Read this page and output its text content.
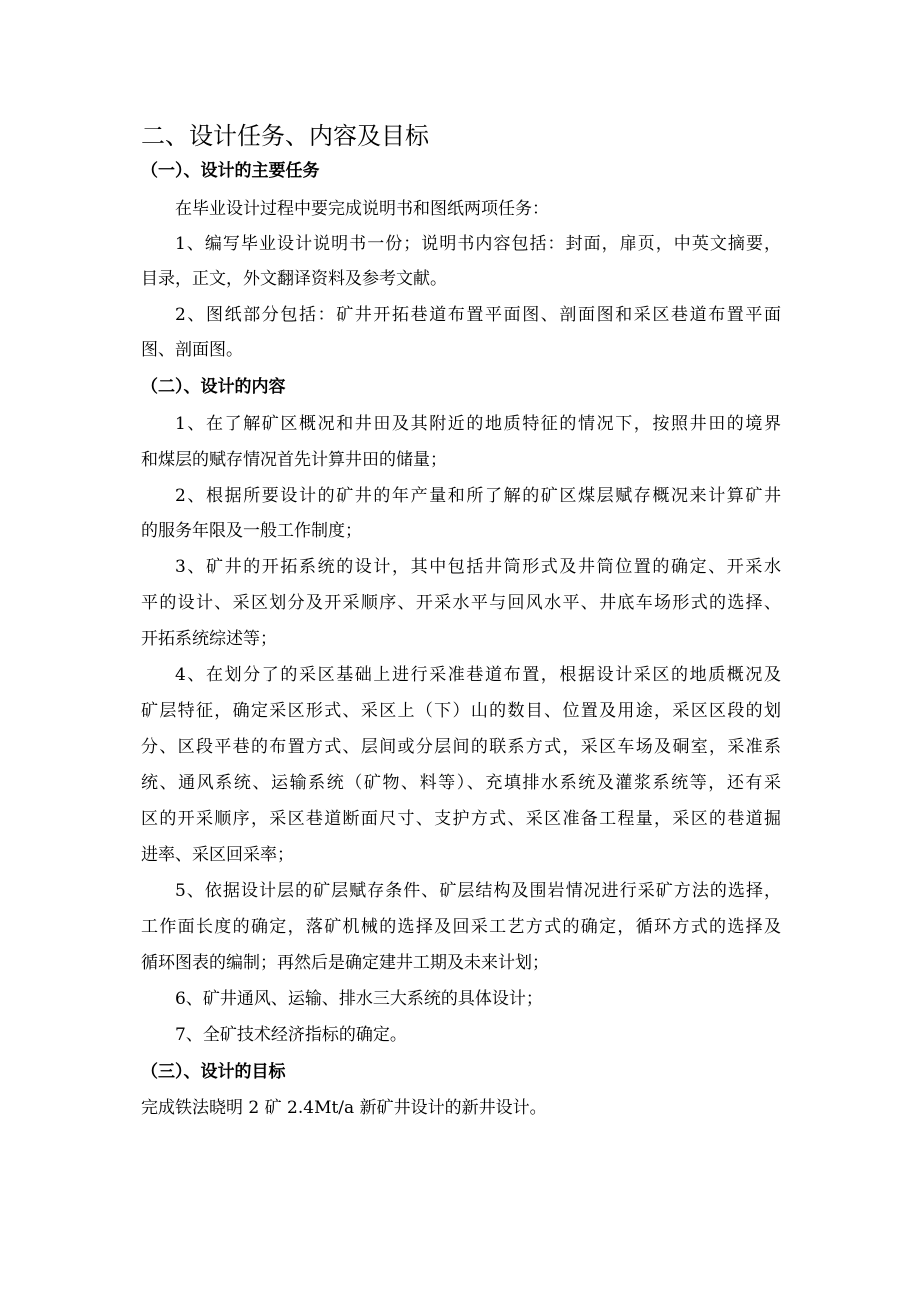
二、设计任务、内容及目标
（一）、设计的主要任务
在毕业设计过程中要完成说明书和图纸两项任务：
1、编写毕业设计说明书一份；说明书内容包括：封面，扉页，中英文摘要，
目录，正文，外文翻译资料及参考文献。
2、图纸部分包括：矿井开拓巷道布置平面图、剖面图和采区巷道布置平面
图、剖面图。
（二）、设计的内容
1、在了解矿区概况和井田及其附近的地质特征的情况下，按照井田的境界
和煤层的赋存情况首先计算井田的储量；
2、根据所要设计的矿井的年产量和所了解的矿区煤层赋存概况来计算矿井
的服务年限及一般工作制度；
3、矿井的开拓系统的设计，其中包括井筒形式及井筒位置的确定、开采水
平的设计、采区划分及开采顺序、开采水平与回风水平、井底车场形式的选择、
开拓系统综述等；
4、在划分了的采区基础上进行采准巷道布置，根据设计采区的地质概况及
矿层特征，确定采区形式、采区上（下）山的数目、位置及用途，采区区段的划
分、区段平巷的布置方式、层间或分层间的联系方式，采区车场及硐室，采准系
统、通风系统、运输系统（矿物、料等）、充填排水系统及灌浆系统等，还有采
区的开采顺序，采区巷道断面尺寸、支护方式、采区准备工程量，采区的巷道掘
进率、采区回采率；
5、依据设计层的矿层赋存条件、矿层结构及围岩情况进行采矿方法的选择，
工作面长度的确定，落矿机械的选择及回采工艺方式的确定，循环方式的选择及
循环图表的编制；再然后是确定建井工期及未来计划；
6、矿井通风、运输、排水三大系统的具体设计；
7、全矿技术经济指标的确定。
（三）、设计的目标
完成铁法晓明 2 矿 2.4Mt/a 新矿井设计的新井设计。
